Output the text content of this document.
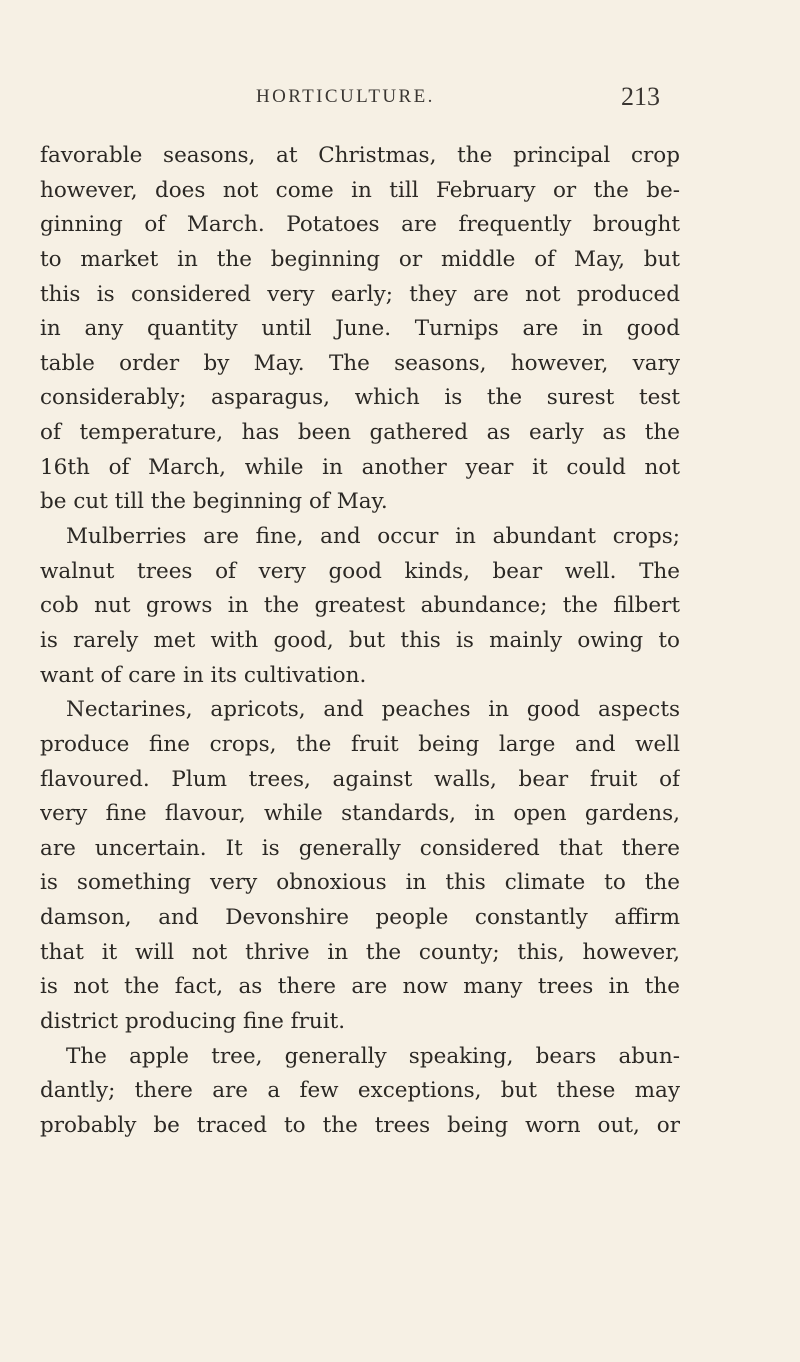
HORTICULTURE.	213
favorable seasons, at Christmas, the principal crop
however, does not come in till February or the be-
ginning of March. Potatoes are frequently brought
to market in the beginning or middle of May, but
this is considered very early; they are not produced
in any quantity until June. Turnips are in good
table order by May. The seasons, however, vary
considerably; asparagus, which is the surest test
of temperature, has been gathered as early as the
16th of March, while in another year it could not
be cut till the beginning of May.
Mulberries are fine, and occur in abundant crops;
walnut trees of very good kinds, bear well. The
cob nut grows in the greatest abundance; the filbert
is rarely met with good, but this is mainly owing to
want of care in its cultivation.
Nectarines, apricots, and peaches in good aspects
produce fine crops, the fruit being large and well
flavoured. Plum trees, against walls, bear fruit of
very fine flavour, while standards, in open gardens,
are uncertain. It is generally considered that there
is something very obnoxious in this climate to the
damson, and Devonshire people constantly affirm
that it will not thrive in the county; this, however,
is not the fact, as there are now many trees in the
district producing fine fruit.
The apple tree, generally speaking, bears abun-
dantly; there are a few exceptions, but these may
probably be traced to the trees being worn out, or
